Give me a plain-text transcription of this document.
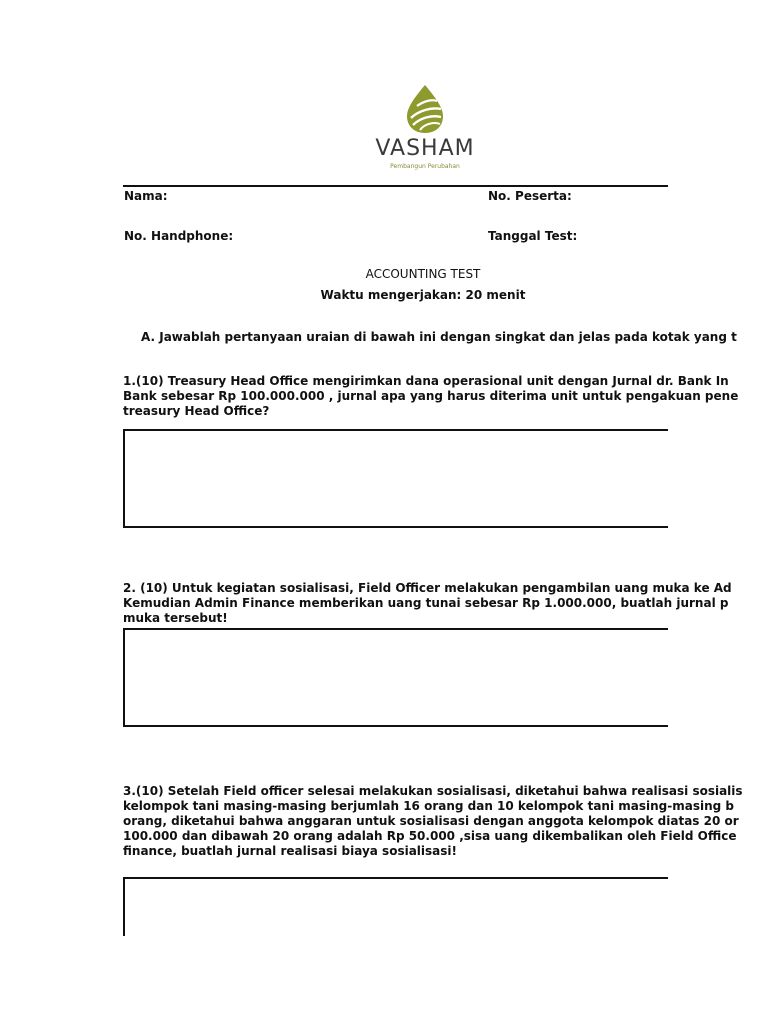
VASHAM
Pembangun Perubahan
Nama:	No. Peserta:
No. Handphone:	Tanggal Test:
ACCOUNTING TEST
Waktu mengerjakan: 20 menit
A. Jawablah pertanyaan uraian di bawah ini dengan singkat dan jelas pada kotak yang t
1.(10) Treasury Head Office mengirimkan dana operasional unit dengan Jurnal dr. Bank In
Bank sebesar Rp 100.000.000 , jurnal apa yang harus diterima unit untuk pengakuan pene
treasury Head Office?
2. (10) Untuk kegiatan sosialisasi, Field Officer melakukan pengambilan uang muka ke Ad
Kemudian Admin Finance memberikan uang tunai sebesar Rp 1.000.000, buatlah jurnal p
muka tersebut!
3.(10) Setelah Field officer selesai melakukan sosialisasi, diketahui bahwa realisasi sosialis
kelompok tani masing-masing berjumlah 16 orang dan 10 kelompok tani masing-masing b
orang, diketahui bahwa anggaran untuk sosialisasi dengan anggota kelompok diatas 20 or
100.000 dan dibawah 20 orang adalah Rp 50.000 ,sisa uang dikembalikan oleh Field Office
finance, buatlah jurnal realisasi biaya sosialisasi!
